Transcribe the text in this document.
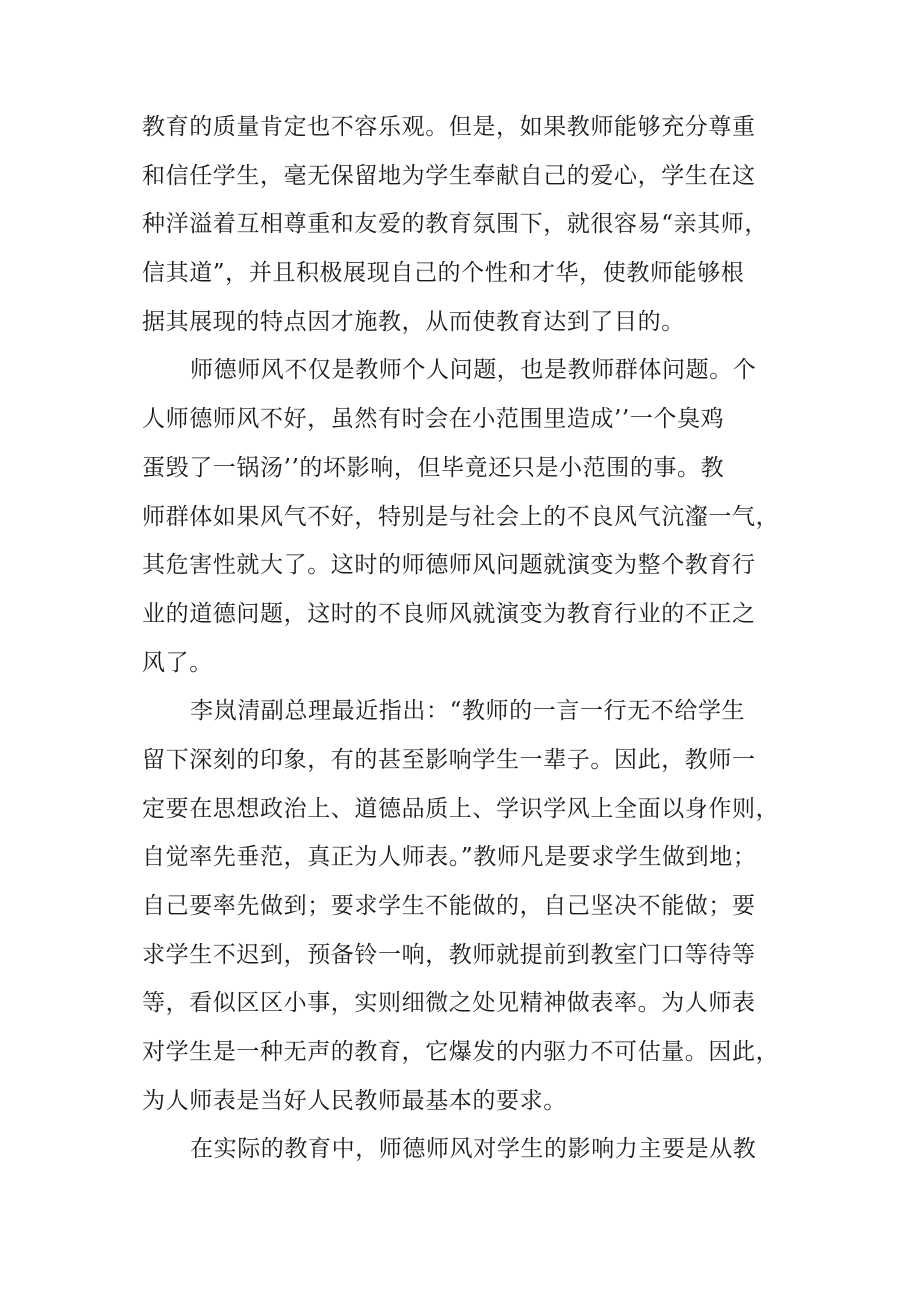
教育的质量肯定也不容乐观。但是，如果教师能够充分尊重
和信任学生，毫无保留地为学生奉献自己的爱心，学生在这
种洋溢着互相尊重和友爱的教育氛围下，就很容易“亲其师，
信其道”，并且积极展现自己的个性和才华，使教师能够根
据其展现的特点因才施教，从而使教育达到了目的。
师德师风不仅是教师个人问题，也是教师群体问题。个
人师德师风不好，虽然有时会在小范围里造成’’一个臭鸡
蛋毁了一锅汤’’的坏影响，但毕竟还只是小范围的事。教
师群体如果风气不好，特别是与社会上的不良风气沆瀣一气，
其危害性就大了。这时的师德师风问题就演变为整个教育行
业的道德问题，这时的不良师风就演变为教育行业的不正之
风了。
李岚清副总理最近指出：“教师的一言一行无不给学生
留下深刻的印象，有的甚至影响学生一辈子。因此，教师一
定要在思想政治上、道德品质上、学识学风上全面以身作则，
自觉率先垂范，真正为人师表。”教师凡是要求学生做到地；
自己要率先做到；要求学生不能做的，自己坚决不能做；要
求学生不迟到，预备铃一响，教师就提前到教室门口等待等
等，看似区区小事，实则细微之处见精神做表率。为人师表
对学生是一种无声的教育，它爆发的内驱力不可估量。因此，
为人师表是当好人民教师最基本的要求。
在实际的教育中，师德师风对学生的影响力主要是从教
